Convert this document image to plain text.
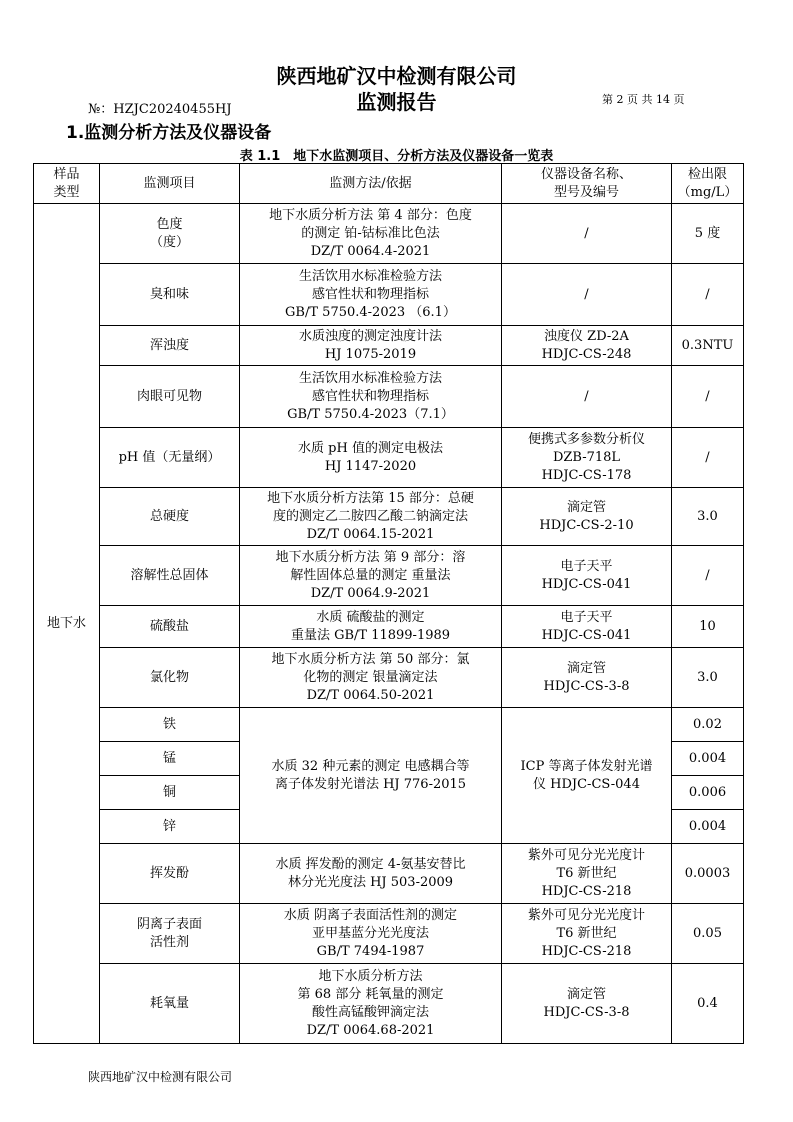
陕西地矿汉中检测有限公司
监测报告
№：HZJC20240455HJ
第 2 页 共 14 页
1.监测分析方法及仪器设备
表 1.1　地下水监测项目、分析方法及仪器设备一览表
样品
类型	监测项目	监测方法/依据	仪器设备名称、
型号及编号	检出限
（mg/L）
地下水	色度
（度）	地下水质分析方法 第 4 部分：色度
的测定 铂-钴标准比色法
DZ/T 0064.4-2021	/	5 度
	臭和味	生活饮用水标准检验方法
感官性状和物理指标
GB/T 5750.4-2023 （6.1）	/	/
	浑浊度	水质浊度的测定浊度计法
HJ 1075-2019	浊度仪 ZD-2A
HDJC-CS-248	0.3NTU
	肉眼可见物	生活饮用水标准检验方法
感官性状和物理指标
GB/T 5750.4-2023（7.1）	/	/
	pH 值（无量纲）	水质 pH 值的测定电极法
HJ 1147-2020	便携式多参数分析仪
DZB-718L
HDJC-CS-178	/
	总硬度	地下水质分析方法第 15 部分：总硬
度的测定乙二胺四乙酸二钠滴定法
DZ/T 0064.15-2021	滴定管
HDJC-CS-2-10	3.0
	溶解性总固体	地下水质分析方法 第 9 部分：溶
解性固体总量的测定 重量法
DZ/T 0064.9-2021	电子天平
HDJC-CS-041	/
	硫酸盐	水质 硫酸盐的测定
重量法 GB/T 11899-1989	电子天平
HDJC-CS-041	10
	氯化物	地下水质分析方法 第 50 部分：氯
化物的测定 银量滴定法
DZ/T 0064.50-2021	滴定管
HDJC-CS-3-8	3.0
	铁	水质 32 种元素的测定 电感耦合等
离子体发射光谱法 HJ 776-2015	ICP 等离子体发射光谱
仪 HDJC-CS-044	0.02
	锰			0.004
	铜			0.006
	锌			0.004
	挥发酚	水质 挥发酚的测定 4-氨基安替比
林分光光度法 HJ 503-2009	紫外可见分光光度计
T6 新世纪
HDJC-CS-218	0.0003
	阴离子表面
活性剂	水质 阴离子表面活性剂的测定
亚甲基蓝分光光度法
GB/T 7494-1987	紫外可见分光光度计
T6 新世纪
HDJC-CS-218	0.05
	耗氧量	地下水质分析方法
第 68 部分 耗氧量的测定
酸性高锰酸钾滴定法
DZ/T 0064.68-2021	滴定管
HDJC-CS-3-8	0.4
陕西地矿汉中检测有限公司
